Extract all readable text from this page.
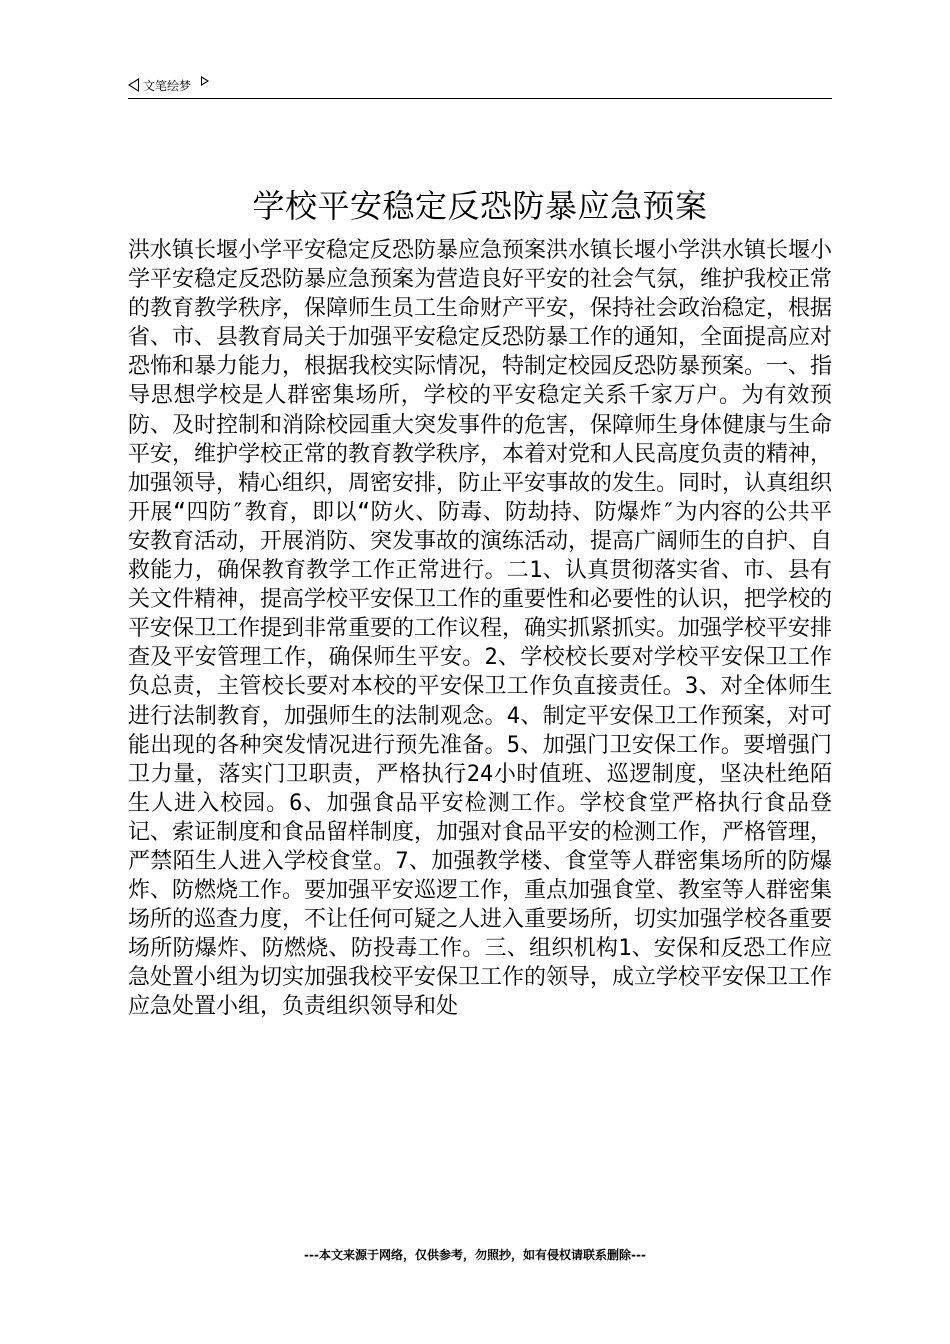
文笔绘梦
学校平安稳定反恐防暴应急预案

洪水镇长堰小学平安稳定反恐防暴应急预案洪水镇长堰小学洪水镇长堰小学平安稳定反恐防暴应急预案为营造良好平安的社会气氛，维护我校正常的教育教学秩序，保障师生员工生命财产平安，保持社会政治稳定，根据省、市、县教育局关于加强平安稳定反恐防暴工作的通知，全面提高应对恐怖和暴力能力，根据我校实际情况，特制定校园反恐防暴预案。一、指导思想学校是人群密集场所，学校的平安稳定关系千家万户。为有效预防、及时控制和消除校园重大突发事件的危害，保障师生身体健康与生命平安，维护学校正常的教育教学秩序，本着对党和人民高度负责的精神，加强领导，精心组织，周密安排，防止平安事故的发生。同时，认真组织开展“四防″教育，即以“防火、防毒、防劫持、防爆炸″为内容的公共平安教育活动，开展消防、突发事故的演练活动，提高广阔师生的自护、自救能力，确保教育教学工作正常进行。二1、认真贯彻落实省、市、县有关文件精神，提高学校平安保卫工作的重要性和必要性的认识，把学校的平安保卫工作提到非常重要的工作议程，确实抓紧抓实。加强学校平安排查及平安管理工作，确保师生平安。2、学校校长要对学校平安保卫工作负总责，主管校长要对本校的平安保卫工作负直接责任。3、对全体师生进行法制教育，加强师生的法制观念。4、制定平安保卫工作预案，对可能出现的各种突发情况进行预先准备。5、加强门卫安保工作。要增强门卫力量，落实门卫职责，严格执行24小时值班、巡逻制度，坚决杜绝陌生人进入校园。6、加强食品平安检测工作。学校食堂严格执行食品登记、索证制度和食品留样制度，加强对食品平安的检测工作，严格管理，严禁陌生人进入学校食堂。7、加强教学楼、食堂等人群密集场所的防爆炸、防燃烧工作。要加强平安巡逻工作，重点加强食堂、教室等人群密集场所的巡查力度，不让任何可疑之人进入重要场所，切实加强学校各重要场所防爆炸、防燃烧、防投毒工作。三、组织机构1、安保和反恐工作应急处置小组为切实加强我校平安保卫工作的领导，成立学校平安保卫工作应急处置小组，负责组织领导和处

---本文来源于网络，仅供参考，勿照抄，如有侵权请联系删除---
